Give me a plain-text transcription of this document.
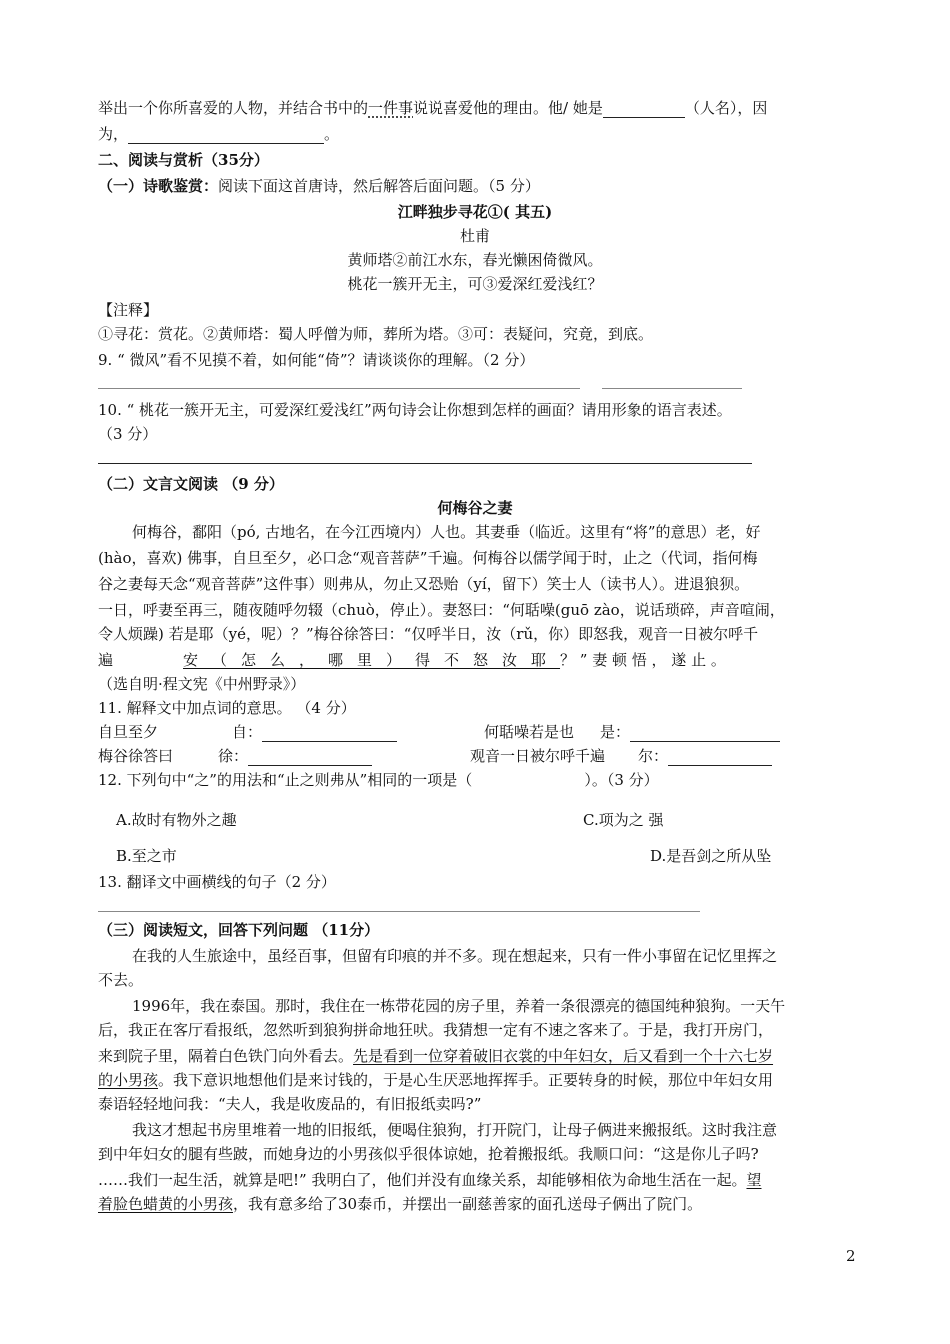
举出一个你所喜爱的人物，并结合书中的一件事说说喜爱他的理由。他/ 她是	（人名），因
为，	。
二、阅读与赏析（35分）
（一）诗歌鉴赏：阅读下面这首唐诗，然后解答后面问题。（5 分）
江畔独步寻花①( 其五)
杜甫
黄师塔②前江水东，春光懒困倚微风。
桃花一簇开无主，可③爱深红爱浅红？
【注释】
①寻花：赏花。②黄师塔：蜀人呼僧为师，葬所为塔。③可：表疑问，究竟，到底。
9. “ 微风”看不见摸不着，如何能“倚”？请谈谈你的理解。（2 分）
10. “ 桃花一簇开无主，可爱深红爱浅红”两句诗会让你想到怎样的画面？请用形象的语言表述。
（3 分）
（二）文言文阅读 （9 分）
何梅谷之妻
何梅谷，鄱阳（pó, 古地名，在今江西境内）人也。其妻垂（临近。这里有“将”的意思）老，好
(hào，喜欢) 佛事，自旦至夕，必口念“观音菩萨”千遍。何梅谷以儒学闻于时，止之（代词，指何梅
谷之妻每天念“观音菩萨”这件事）则弗从，勿止又恐贻（yí，留下）笑士人（读书人）。进退狼狈。
一日，呼妻至再三，随夜随呼勿辍（chuò，停止）。妻怒曰：“何聒噪(guō zào，说话琐碎，声音喧闹，
令人烦躁) 若是耶（yé，呢）？”梅谷徐答曰：“仅呼半日，汝（rǔ，你）即怒我，观音一日被尔呼千
遍	安（怎么，哪里）得不怒汝耶？ ” 妻 顿 悟 ， 遂 止 。
（选自明·程文宪《中州野录》）
11. 解释文中加点词的意思。 （4 分）
自旦至夕	自：	何聒噪若是也 是：
梅谷徐答曰	徐：	观音一日被尔呼千遍 尔：
12. 下列句中“之”的用法和“止之则弗从”相同的一项是（	）。（3 分）
A.故时有物外之趣	C.项为之 强
B.至之市	D.是吾剑之所从坠
13. 翻译文中画横线的句子（2 分）
（三）阅读短文，回答下列问题 （11分）
在我的人生旅途中，虽经百事，但留有印痕的并不多。现在想起来，只有一件小事留在记忆里挥之
不去。
1996年，我在泰国。那时，我住在一栋带花园的房子里，养着一条很漂亮的德国纯种狼狗。一天午
后，我正在客厅看报纸，忽然听到狼狗拼命地狂吠。我猜想一定有不速之客来了。于是，我打开房门，
来到院子里，隔着白色铁门向外看去。先是看到一位穿着破旧衣裳的中年妇女，后又看到一个十六七岁
的小男孩。我下意识地想他们是来讨钱的，于是心生厌恶地挥挥手。正要转身的时候，那位中年妇女用
泰语轻轻地问我：“夫人，我是收废品的，有旧报纸卖吗?”
我这才想起书房里堆着一地的旧报纸，便喝住狼狗，打开院门，让母子俩进来搬报纸。这时我注意
到中年妇女的腿有些跛，而她身边的小男孩似乎很体谅她，抢着搬报纸。我顺口问：“这是你儿子吗?
……我们一起生活，就算是吧!” 我明白了，他们并没有血缘关系，却能够相依为命地生活在一起。望
着脸色蜡黄的小男孩，我有意多给了30泰币，并摆出一副慈善家的面孔送母子俩出了院门。
2
